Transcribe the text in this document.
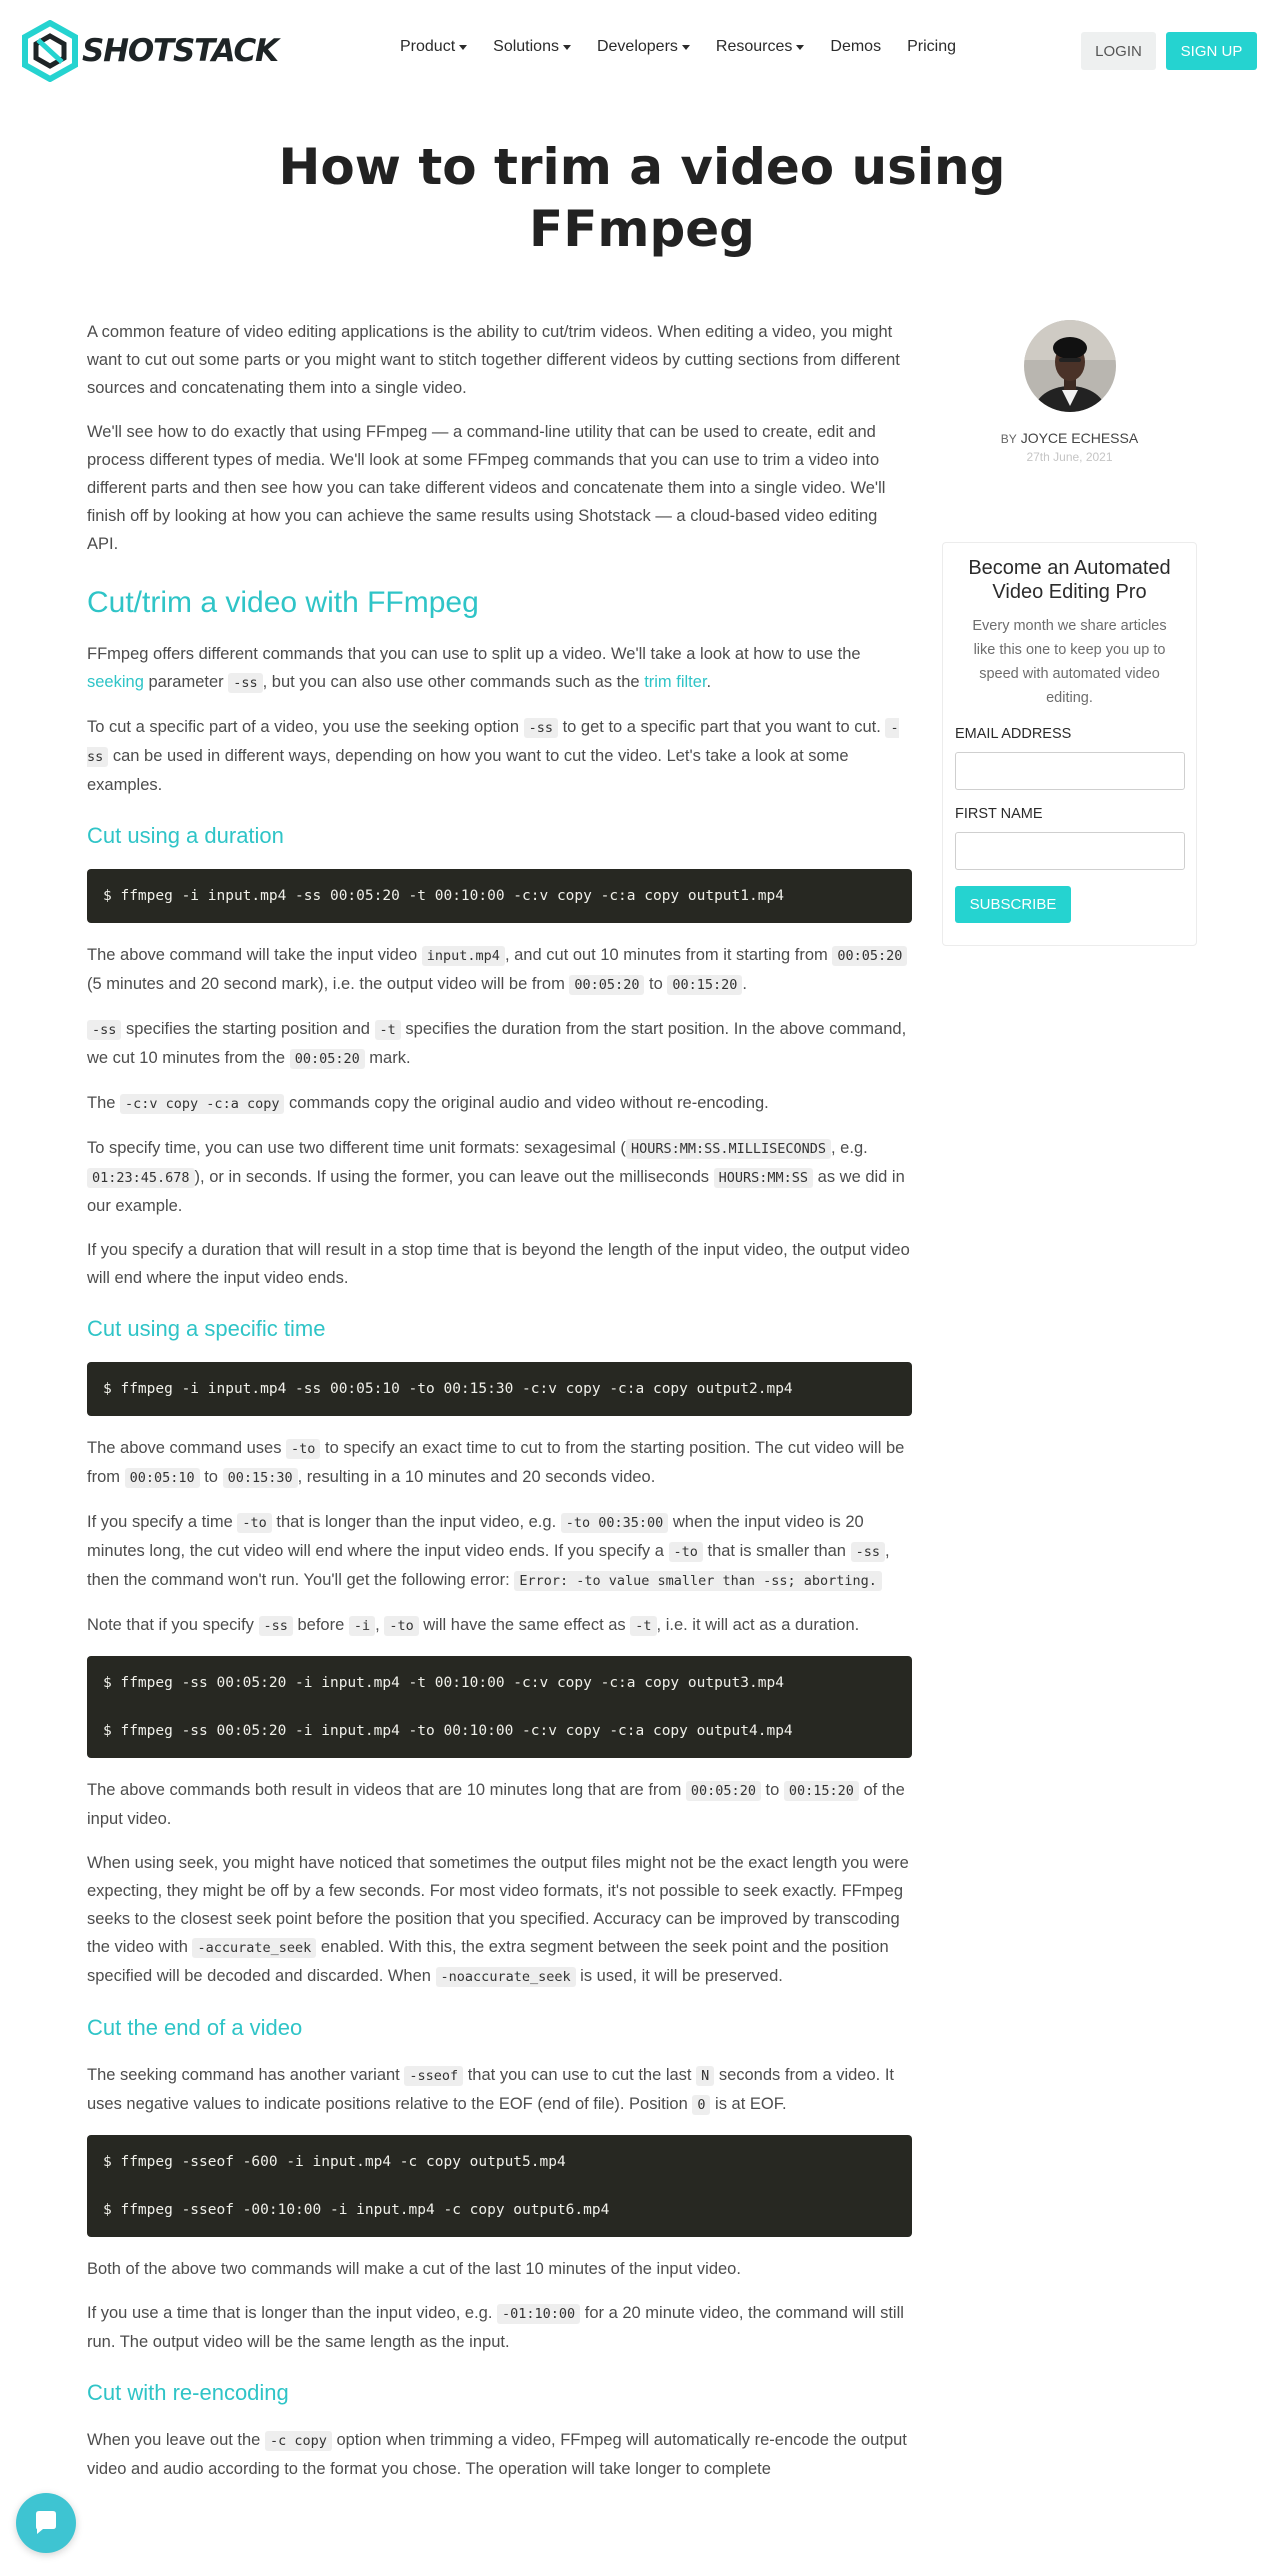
SHOTSTACK	Product Solutions Developers Resources Demos Pricing	LOGIN	SIGN UP
How to trim a video using
FFmpeg

A common feature of video editing applications is the ability to cut/trim videos. When editing a video, you might want to cut out some parts or you might want to stitch together different videos by cutting sections from different sources and concatenating them into a single video.

We'll see how to do exactly that using FFmpeg — a command-line utility that can be used to create, edit and process different types of media. We'll look at some FFmpeg commands that you can use to trim a video into different parts and then see how you can take different videos and concatenate them into a single video. We'll finish off by looking at how you can achieve the same results using Shotstack — a cloud-based video editing API.

Cut/trim a video with FFmpeg

FFmpeg offers different commands that you can use to split up a video. We'll take a look at how to use the seeking parameter -ss , but you can also use other commands such as the trim filter.

To cut a specific part of a video, you use the seeking option -ss to get to a specific part that you want to cut. -ss can be used in different ways, depending on how you want to cut the video. Let's take a look at some examples.

Cut using a duration
$ ffmpeg -i input.mp4 -ss 00:05:20 -t 00:10:00 -c:v copy -c:a copy output1.mp4

The above command will take the input video input.mp4 , and cut out 10 minutes from it starting from 00:05:20 (5 minutes and 20 second mark), i.e. the output video will be from 00:05:20 to 00:15:20 .

-ss specifies the starting position and -t specifies the duration from the start position. In the above command, we cut 10 minutes from the 00:05:20 mark.

The -c:v copy -c:a copy commands copy the original audio and video without re-encoding.

To specify time, you can use two different time unit formats: sexagesimal ( HOURS:MM:SS.MILLISECONDS , e.g. 01:23:45.678 ), or in seconds. If using the former, you can leave out the milliseconds HOURS:MM:SS as we did in our example.

If you specify a duration that will result in a stop time that is beyond the length of the input video, the output video will end where the input video ends.

Cut using a specific time
$ ffmpeg -i input.mp4 -ss 00:05:10 -to 00:15:30 -c:v copy -c:a copy output2.mp4

The above command uses -to to specify an exact time to cut to from the starting position. The cut video will be from 00:05:10 to 00:15:30 , resulting in a 10 minutes and 20 seconds video.

If you specify a time -to that is longer than the input video, e.g. -to 00:35:00 when the input video is 20 minutes long, the cut video will end where the input video ends. If you specify a -to that is smaller than -ss , then the command won't run. You'll get the following error: Error: -to value smaller than -ss; aborting.

Note that if you specify -ss before -i , -to will have the same effect as -t , i.e. it will act as a duration.

$ ffmpeg -ss 00:05:20 -i input.mp4 -t 00:10:00 -c:v copy -c:a copy output3.mp4
$ ffmpeg -ss 00:05:20 -i input.mp4 -to 00:10:00 -c:v copy -c:a copy output4.mp4

The above commands both result in videos that are 10 minutes long that are from 00:05:20 to 00:15:20 of the input video.

When using seek, you might have noticed that sometimes the output files might not be the exact length you were expecting, they might be off by a few seconds. For most video formats, it's not possible to seek exactly. FFmpeg seeks to the closest seek point before the position that you specified. Accuracy can be improved by transcoding the video with -accurate_seek enabled. With this, the extra segment between the seek point and the position specified will be decoded and discarded. When -noaccurate_seek is used, it will be preserved.

Cut the end of a video

The seeking command has another variant -sseof that you can use to cut the last N seconds from a video. It uses negative values to indicate positions relative to the EOF (end of file). Position 0 is at EOF.

$ ffmpeg -sseof -600 -i input.mp4 -c copy output5.mp4
$ ffmpeg -sseof -00:10:00 -i input.mp4 -c copy output6.mp4

Both of the above two commands will make a cut of the last 10 minutes of the input video.

If you use a time that is longer than the input video, e.g. -01:10:00 for a 20 minute video, the command will still run. The output video will be the same length as the input.

Cut with re-encoding

When you leave out the -c copy option when trimming a video, FFmpeg will automatically re-encode the output video and audio according to the format you chose. The operation will take longer to complete

BY JOYCE ECHESSA
27th June, 2021
Become an Automated Video Editing Pro
Every month we share articles like this one to keep you up to speed with automated video editing.
EMAIL ADDRESS
FIRST NAME
SUBSCRIBE
